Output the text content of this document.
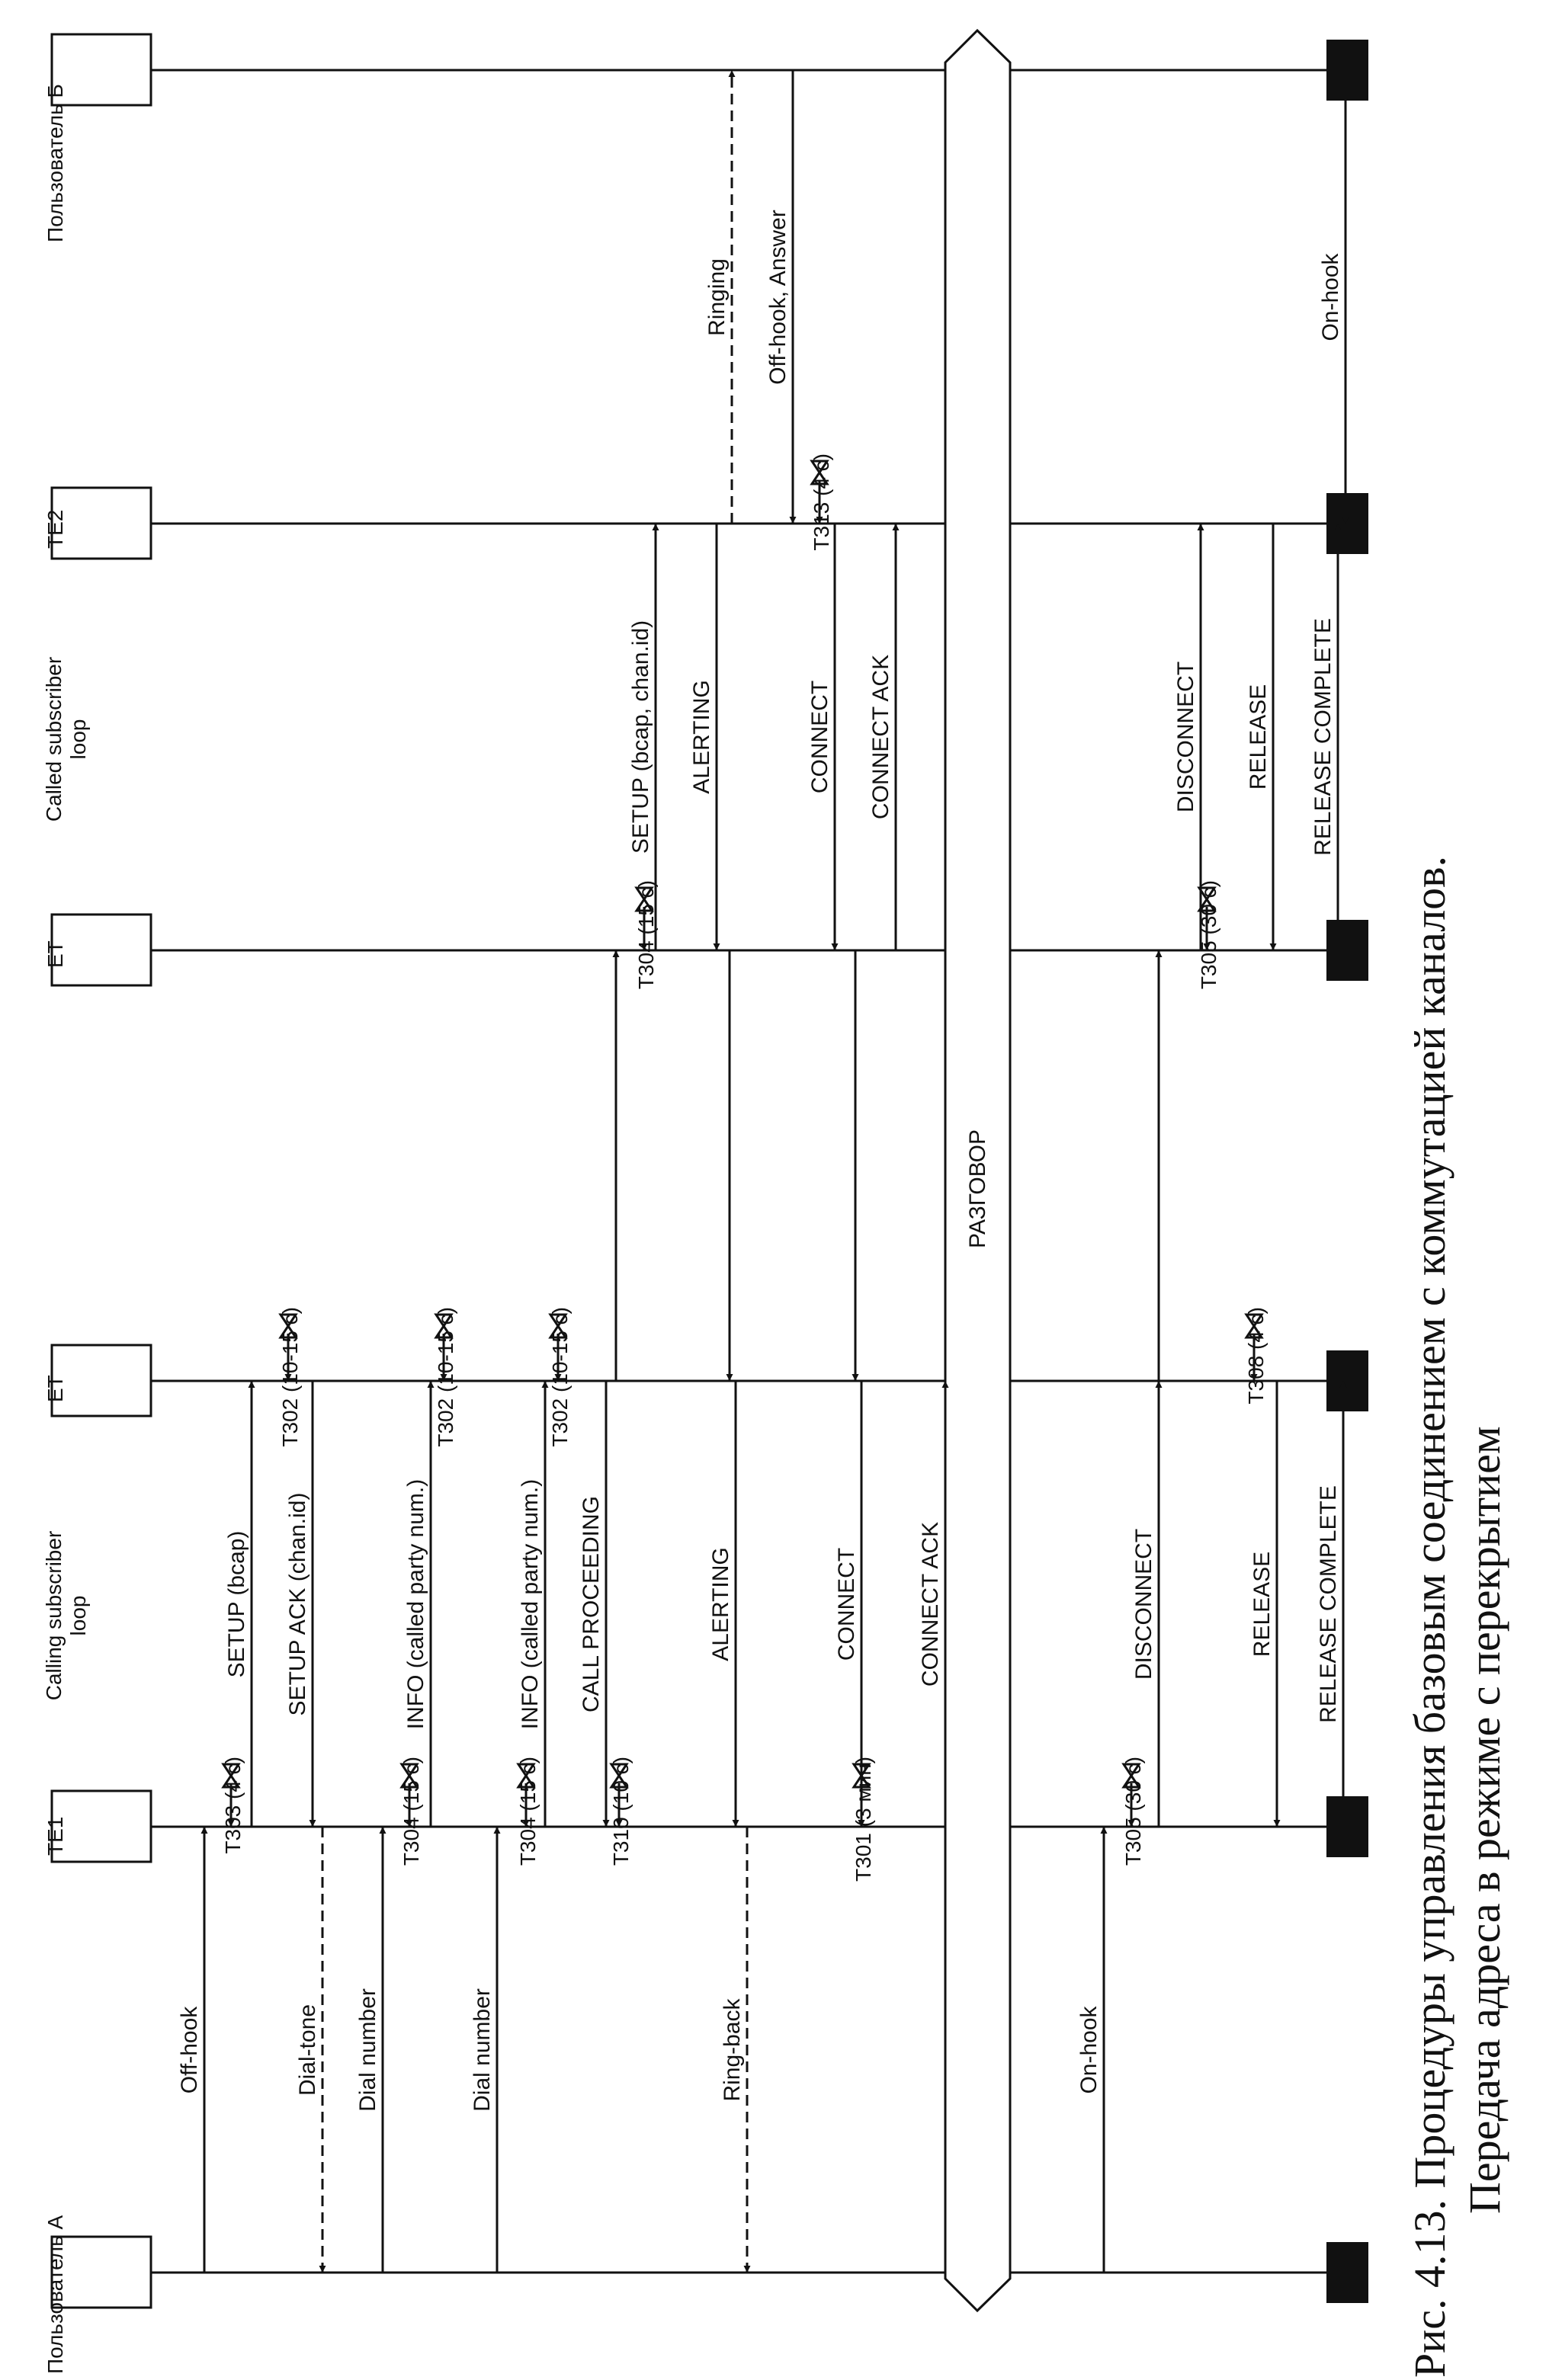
Пользователь А
TE1
ET
ET
TE2
Пользователь Б
Calling subscriber loop
Called subscriber loop
РАЗГОВОР
Off-hook	Dial-tone Dial number	Dial number	Ring-back	On-hook
SETUP (bcap) SETUP ACK (chan.id)	INFO (called party num.)	INFO (called party num.) CALL PROCEEDING	ALERTING	CONNECT	CONNECT ACK	DISCONNECT	RELEASE RELEASE COMPLETE
SETUP (bcap, chan.id) ALERTING	CONNECT CONNECT ACK	DISCONNECT RELEASE RELEASE COMPLETE
Ringing Off-hook, Answer	On-hook
T303 (4 c)	T304 (15 c)	T304 (15 c)	T310 (10 c)	T301 (3 мин)	T305 (30 c)
T302 (10-15 c)	T302 (10-15 c)	T302 (10-15 c)	T308 (4 c)
T304 (15 c)	T305 (30 c)
T313 (4 c)
Рис. 4.13. Процедуры управления базовым соединением с коммутацией каналов. Передача адреса в режиме с перекрытием
